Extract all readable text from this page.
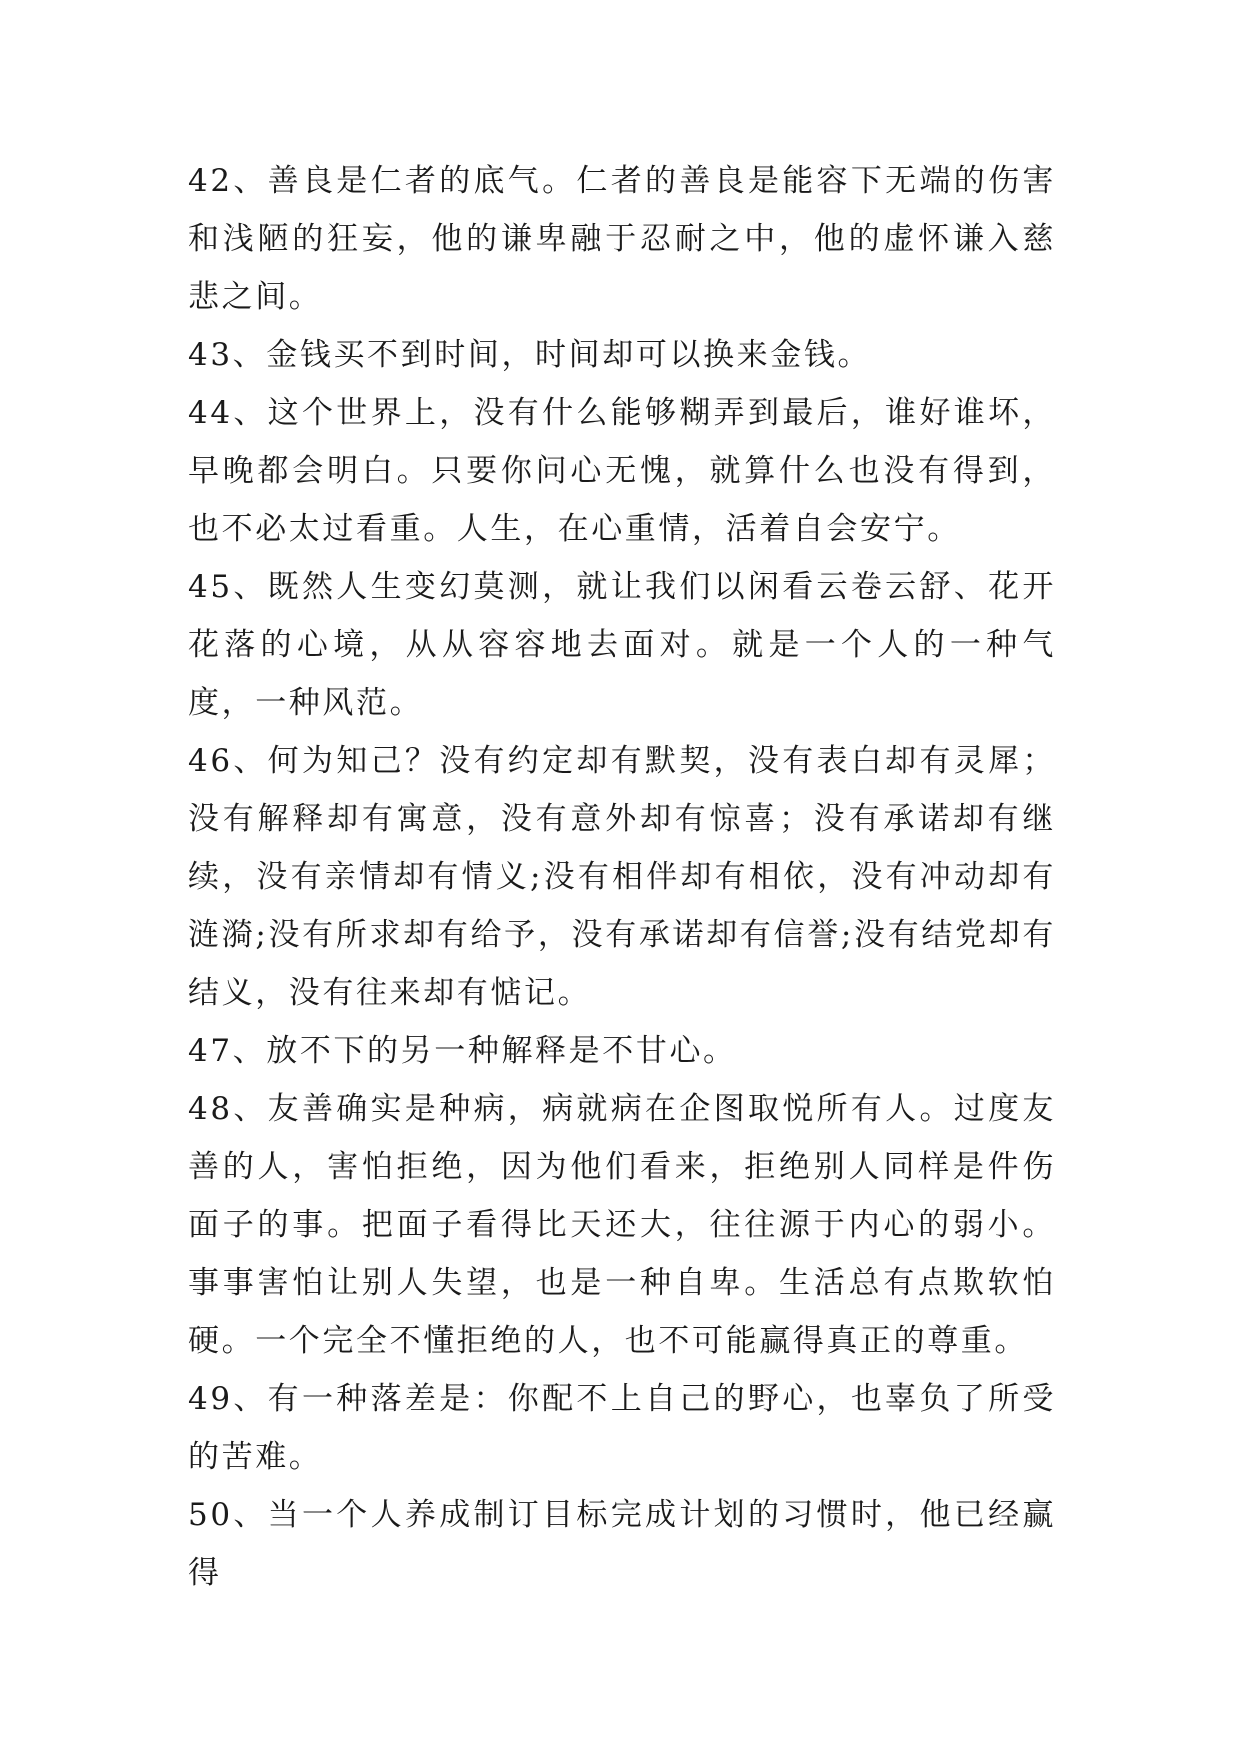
42、善良是仁者的底气。仁者的善良是能容下无端的伤害和浅陋的狂妄，他的谦卑融于忍耐之中，他的虚怀谦入慈悲之间。

43、金钱买不到时间，时间却可以换来金钱。

44、这个世界上，没有什么能够糊弄到最后，谁好谁坏，早晚都会明白。只要你问心无愧，就算什么也没有得到，也不必太过看重。人生，在心重情，活着自会安宁。

45、既然人生变幻莫测，就让我们以闲看云卷云舒、花开花落的心境，从从容容地去面对。就是一个人的一种气度，一种风范。

46、何为知己？没有约定却有默契，没有表白却有灵犀；没有解释却有寓意，没有意外却有惊喜；没有承诺却有继续，没有亲情却有情义;没有相伴却有相依，没有冲动却有涟漪;没有所求却有给予，没有承诺却有信誉;没有结党却有结义，没有往来却有惦记。

47、放不下的另一种解释是不甘心。

48、友善确实是种病，病就病在企图取悦所有人。过度友善的人，害怕拒绝，因为他们看来，拒绝别人同样是件伤面子的事。把面子看得比天还大，往往源于内心的弱小。事事害怕让别人失望，也是一种自卑。生活总有点欺软怕硬。一个完全不懂拒绝的人，也不可能赢得真正的尊重。

49、有一种落差是：你配不上自己的野心，也辜负了所受的苦难。

50、当一个人养成制订目标完成计划的习惯时，他已经赢得
